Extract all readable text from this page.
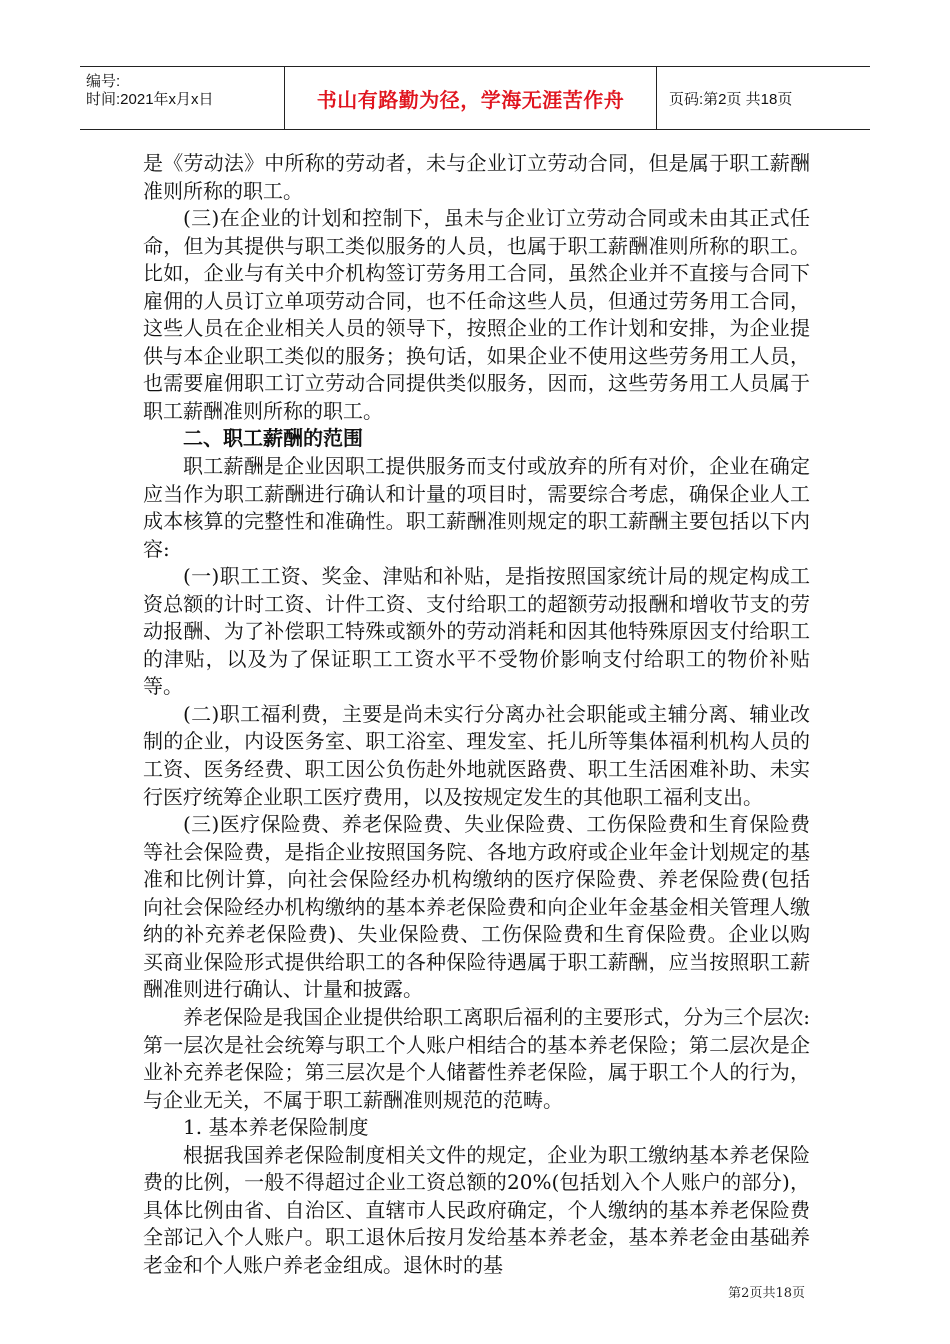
编号:
时间:2021年x月x日	书山有路勤为径，学海无涯苦作舟	页码:第2页 共18页

是《劳动法》中所称的劳动者，未与企业订立劳动合同，但是属于职工薪酬准则所称的职工。

(三)在企业的计划和控制下，虽未与企业订立劳动合同或未由其正式任命，但为其提供与职工类似服务的人员，也属于职工薪酬准则所称的职工。比如，企业与有关中介机构签订劳务用工合同，虽然企业并不直接与合同下雇佣的人员订立单项劳动合同，也不任命这些人员，但通过劳务用工合同，这些人员在企业相关人员的领导下，按照企业的工作计划和安排，为企业提供与本企业职工类似的服务；换句话，如果企业不使用这些劳务用工人员，也需要雇佣职工订立劳动合同提供类似服务，因而，这些劳务用工人员属于职工薪酬准则所称的职工。

二、职工薪酬的范围

职工薪酬是企业因职工提供服务而支付或放弃的所有对价，企业在确定应当作为职工薪酬进行确认和计量的项目时，需要综合考虑，确保企业人工成本核算的完整性和准确性。职工薪酬准则规定的职工薪酬主要包括以下内容:

(一)职工工资、奖金、津贴和补贴，是指按照国家统计局的规定构成工资总额的计时工资、计件工资、支付给职工的超额劳动报酬和增收节支的劳动报酬、为了补偿职工特殊或额外的劳动消耗和因其他特殊原因支付给职工的津贴，以及为了保证职工工资水平不受物价影响支付给职工的物价补贴等。

(二)职工福利费，主要是尚未实行分离办社会职能或主辅分离、辅业改制的企业，内设医务室、职工浴室、理发室、托儿所等集体福利机构人员的工资、医务经费、职工因公负伤赴外地就医路费、职工生活困难补助、未实行医疗统筹企业职工医疗费用，以及按规定发生的其他职工福利支出。

(三)医疗保险费、养老保险费、失业保险费、工伤保险费和生育保险费等社会保险费，是指企业按照国务院、各地方政府或企业年金计划规定的基准和比例计算，向社会保险经办机构缴纳的医疗保险费、养老保险费(包括向社会保险经办机构缴纳的基本养老保险费和向企业年金基金相关管理人缴纳的补充养老保险费)、失业保险费、工伤保险费和生育保险费。企业以购买商业保险形式提供给职工的各种保险待遇属于职工薪酬，应当按照职工薪酬准则进行确认、计量和披露。

养老保险是我国企业提供给职工离职后福利的主要形式，分为三个层次:第一层次是社会统筹与职工个人账户相结合的基本养老保险；第二层次是企业补充养老保险；第三层次是个人储蓄性养老保险，属于职工个人的行为，与企业无关，不属于职工薪酬准则规范的范畴。

1. 基本养老保险制度

根据我国养老保险制度相关文件的规定，企业为职工缴纳基本养老保险费的比例，一般不得超过企业工资总额的20%(包括划入个人账户的部分)，具体比例由省、自治区、直辖市人民政府确定，个人缴纳的基本养老保险费全部记入个人账户。职工退休后按月发给基本养老金，基本养老金由基础养老金和个人账户养老金组成。退休时的基

第2页共18页
